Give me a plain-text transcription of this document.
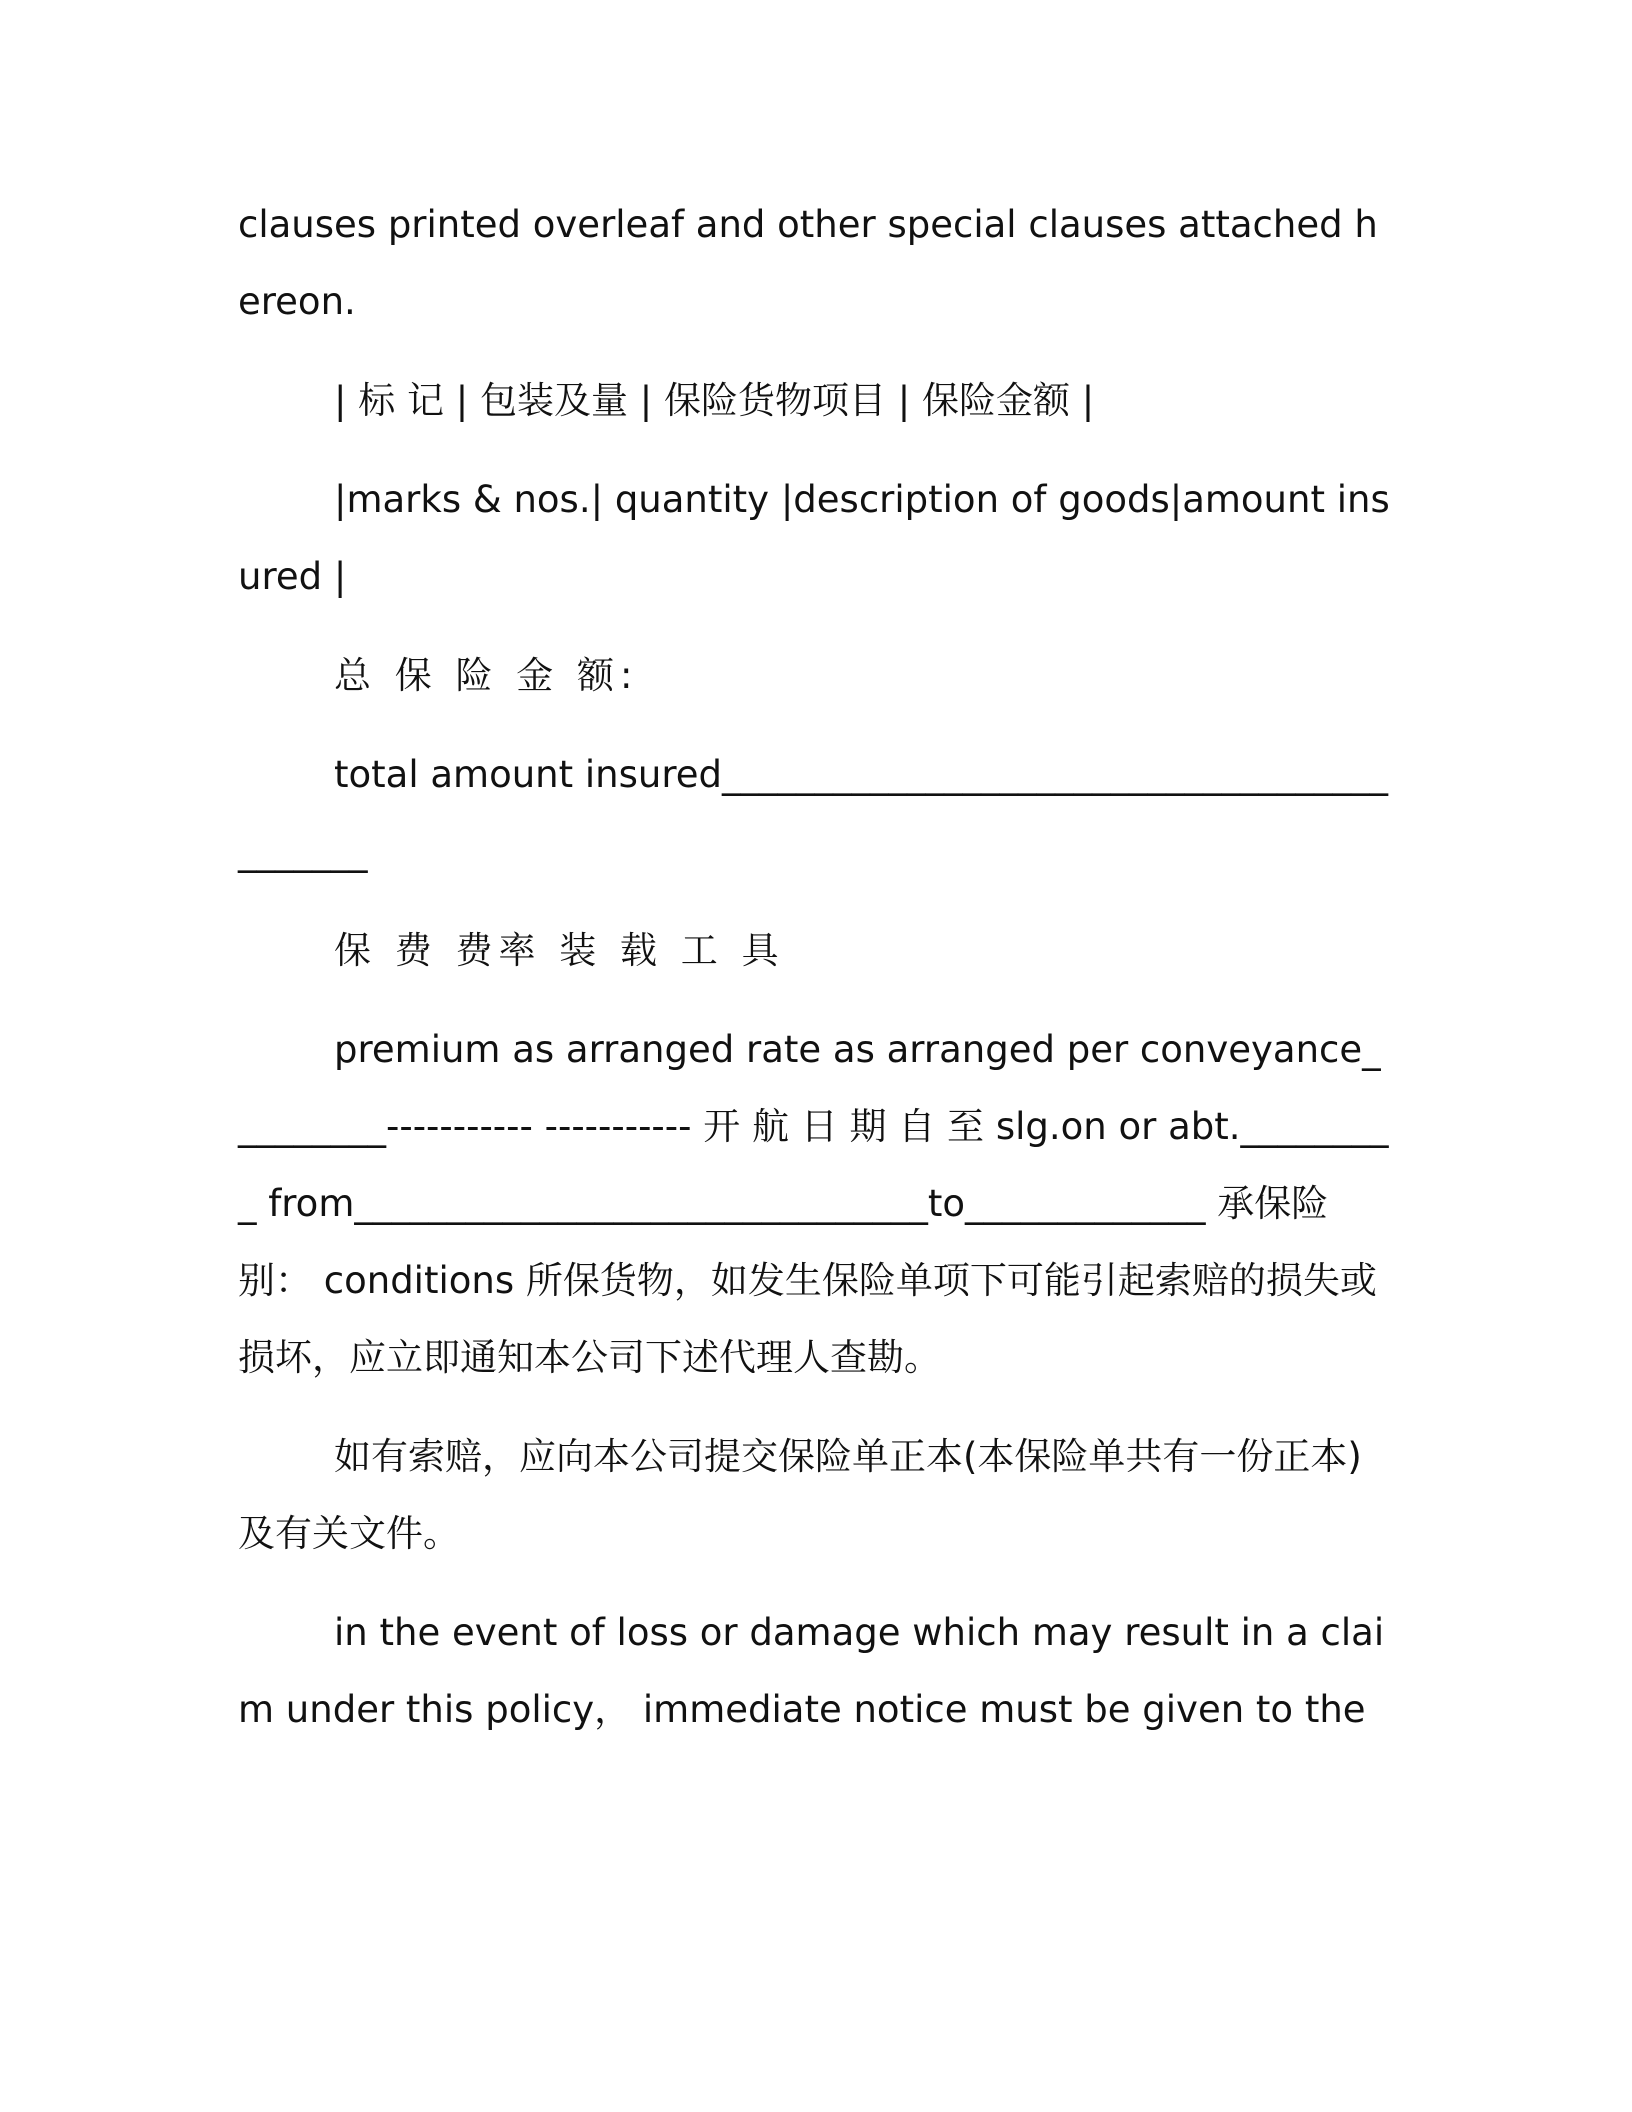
clauses printed overleaf and other special clauses attached hereon.

| 标 记 | 包装及量 | 保险货物项目 | 保险金额 |

|marks & nos.| quantity |description of goods|amount insured |

总 保 险 金 额:

total amount insured___________________________________________

保 费 费率 装 载 工 具

premium as arranged rate as arranged per conveyance_________----------- ----------- 开 航 日 期 自 至 slg.on or abt._________ from_______________________________to_____________ 承保险别： conditions 所保货物，如发生保险单项下可能引起索赔的损失或损坏，应立即通知本公司下述代理人查勘。

如有索赔，应向本公司提交保险单正本(本保险单共有一份正本)及有关文件。

in the event of loss or damage which may result in a claim under this policy， immediate notice must be given to the
